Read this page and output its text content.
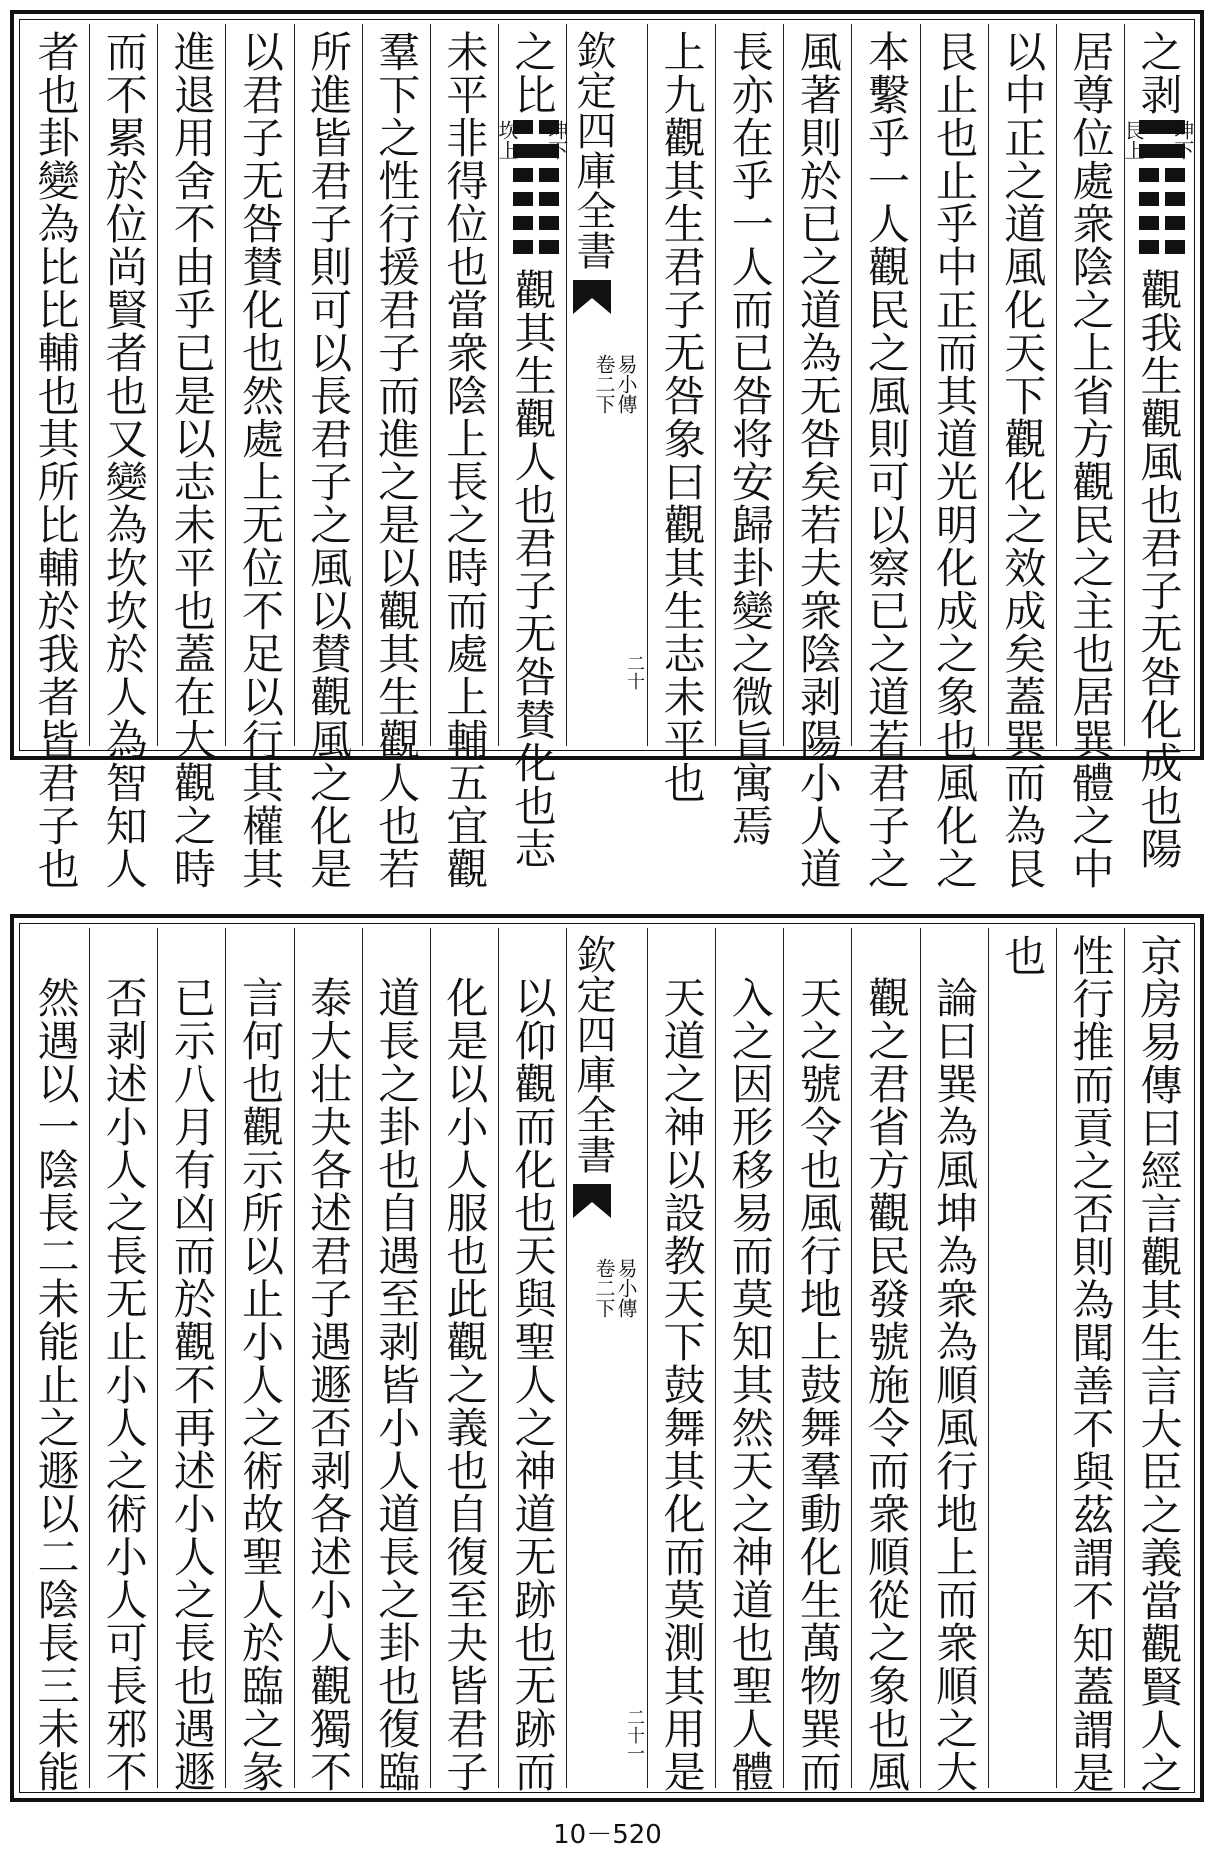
之剥
艮上
坤下
觀我生觀風也君子无咎化成也陽
居尊位處衆陰之上省方觀民之主也居巽體之中
以中正之道風化天下觀化之效成矣蓋巽而為艮
艮止也止乎中正而其道光明化成之象也風化之
本繫乎一人觀民之風則可以察已之道若君子之
風著則於已之道為无咎矣若夫衆陰剥陽小人道
長亦在乎一人而已咎将安歸卦變之微旨寓焉
上九觀其生君子无咎象曰觀其生志未平也
欽定四庫全書
易小傳
卷二下
二十
之比
坎上
坤下
觀其生觀人也君子无咎賛化也志
未平非得位也當衆陰上長之時而處上輔五宜觀
羣下之性行援君子而進之是以觀其生觀人也若
所進皆君子則可以長君子之風以賛觀風之化是
以君子无咎賛化也然處上无位不足以行其權其
進退用舍不由乎已是以志未平也蓋在大觀之時
而不累於位尚賢者也又變為坎坎於人為智知人
者也卦變為比比輔也其所比輔於我者皆君子也
京房易傳曰經言觀其生言大臣之義當觀賢人之
性行推而貢之否則為聞善不與茲謂不知蓋謂是
也
論曰巽為風坤為衆為順風行地上而衆順之大
觀之君省方觀民發號施令而衆順從之象也風
天之號令也風行地上鼓舞羣動化生萬物巽而
入之因形移易而莫知其然天之神道也聖人體
天道之神以設教天下鼓舞其化而莫測其用是
欽定四庫全書
易小傳
卷二下
二十一
以仰觀而化也天與聖人之神道无跡也无跡而
化是以小人服也此觀之義也自復至夬皆君子
道長之卦也自遇至剥皆小人道長之卦也復臨
泰大壮夬各述君子遇遯否剥各述小人觀獨不
言何也觀示所以止小人之術故聖人於臨之彖
已示八月有凶而於觀不再述小人之長也遇遯
否剥述小人之長无止小人之術小人可長邪不
然遇以一陰長二未能止之遯以二陰長三未能
10－520
